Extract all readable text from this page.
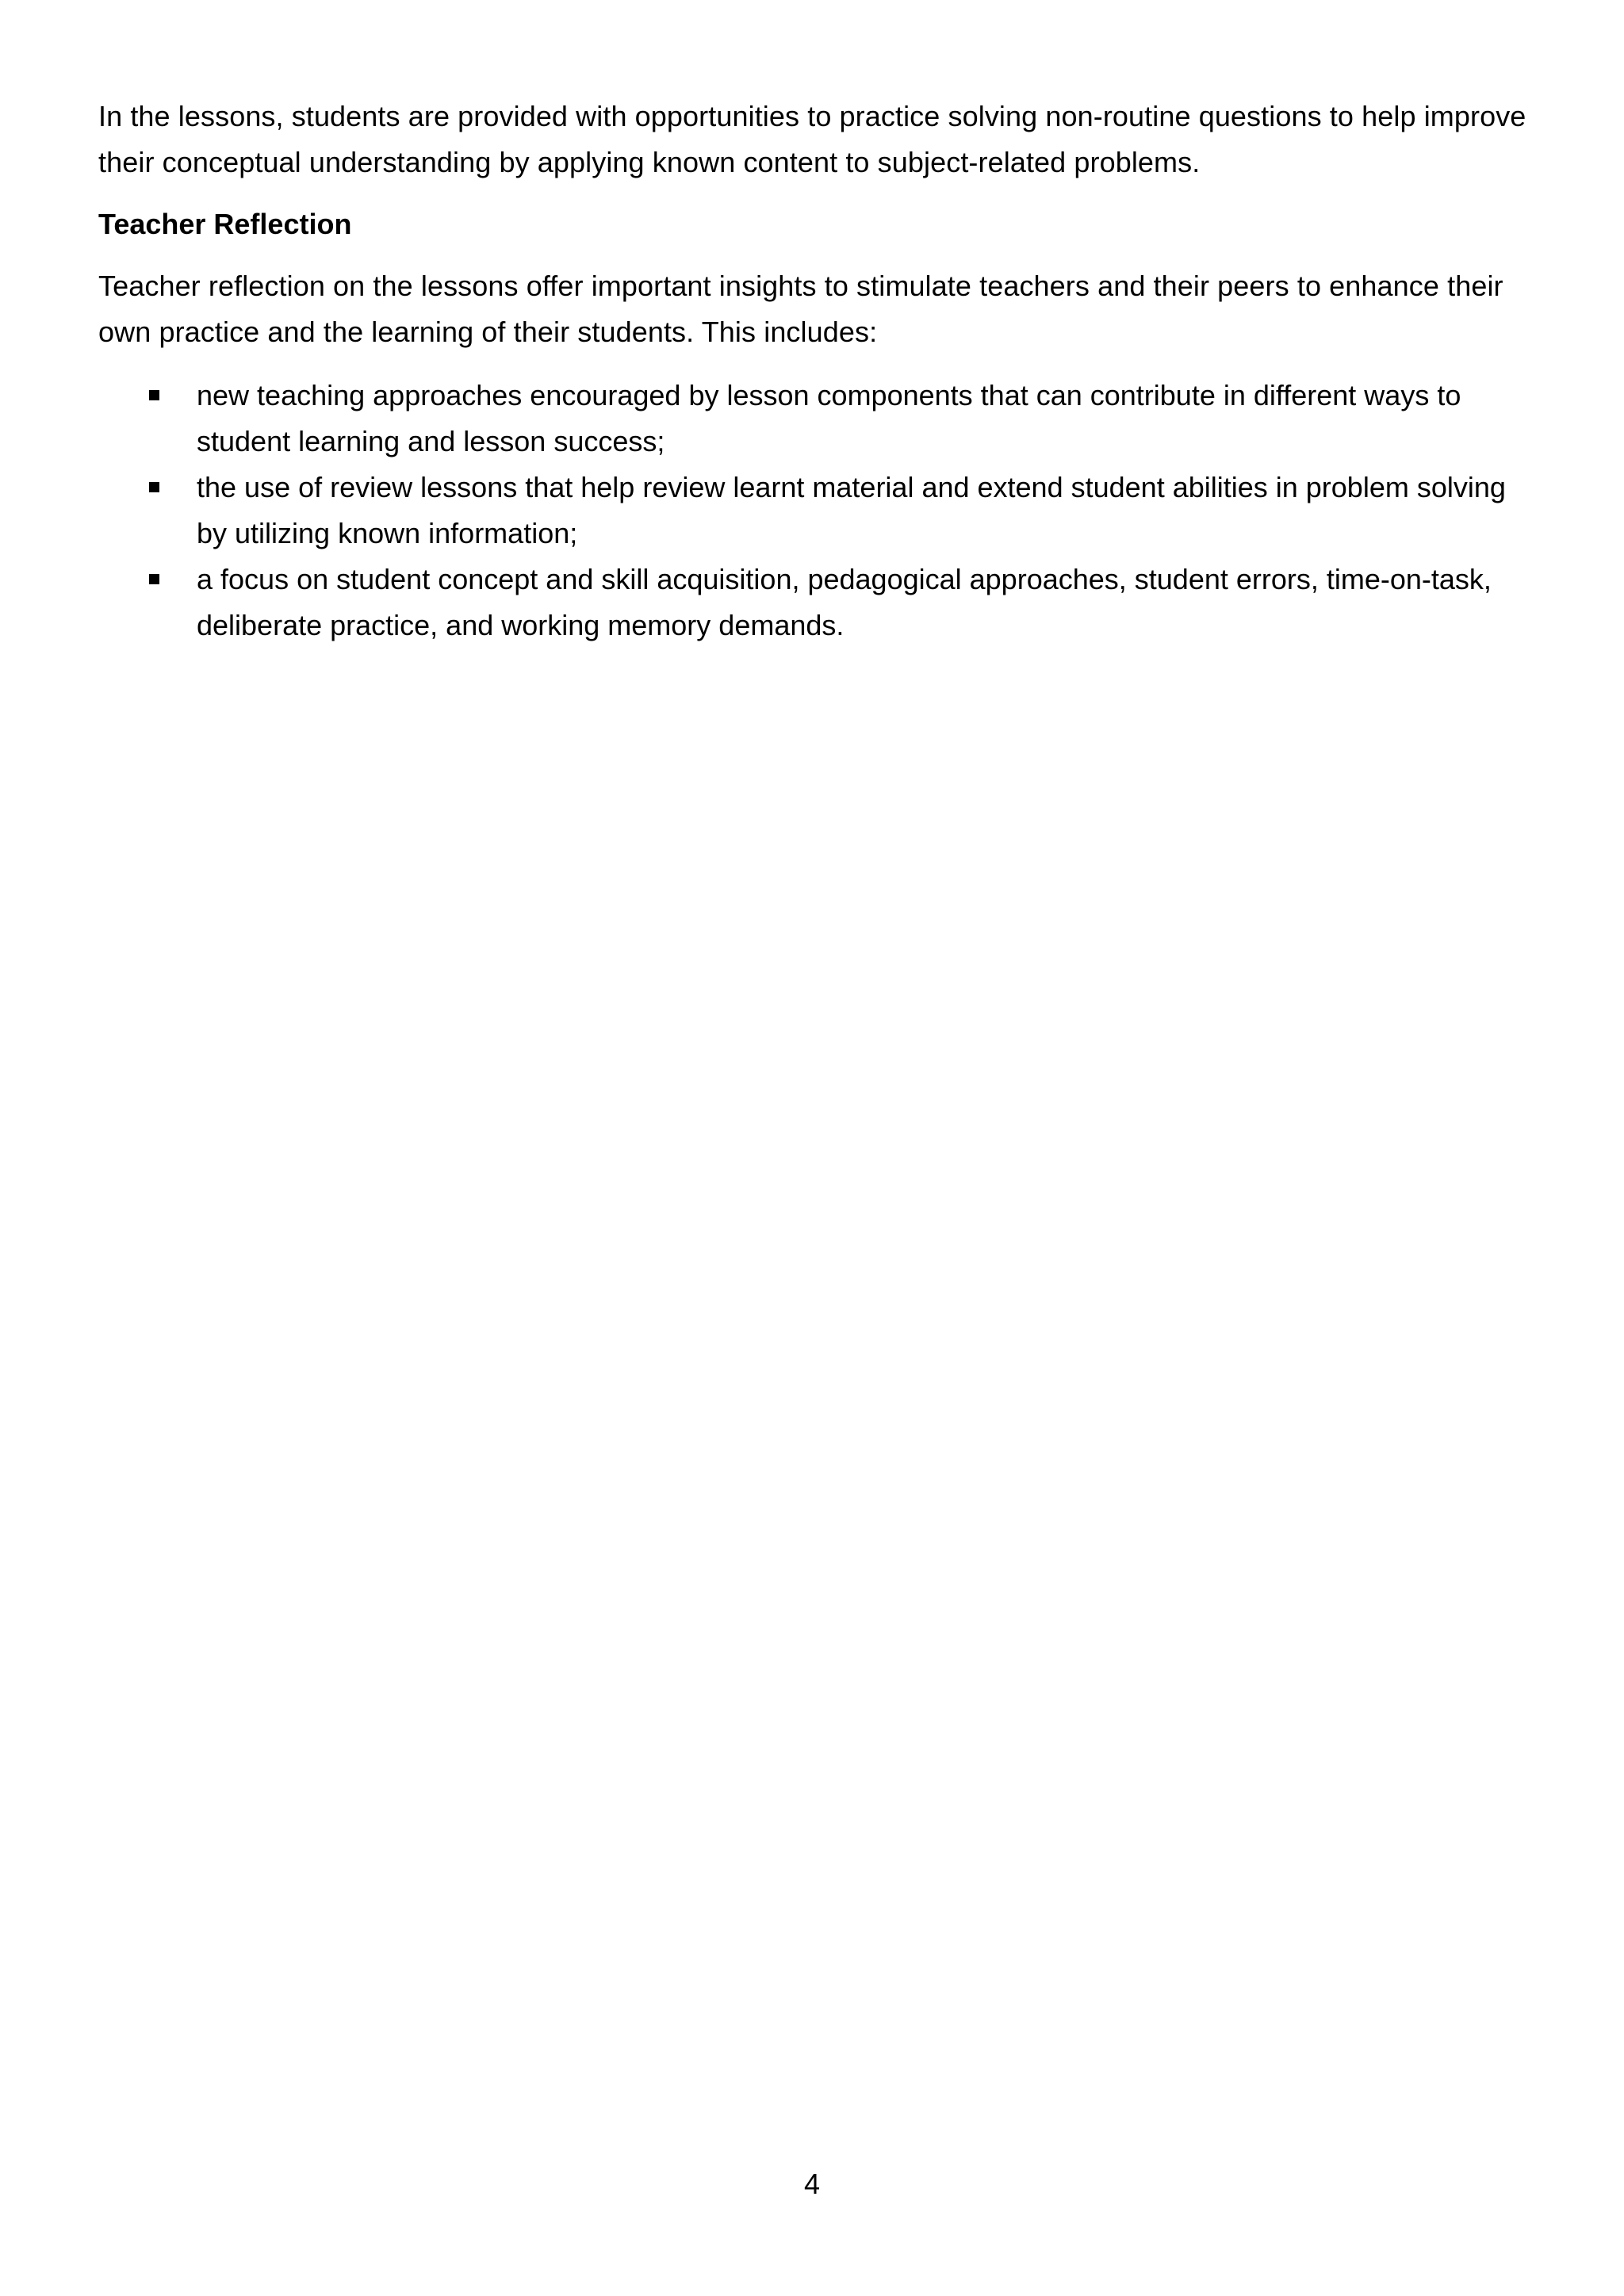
In the lessons, students are provided with opportunities to practice solving non-routine questions to help improve their conceptual understanding by applying known content to subject-related problems.

Teacher Reflection

Teacher reflection on the lessons offer important insights to stimulate teachers and their peers to enhance their own practice and the learning of their students. This includes:

new teaching approaches encouraged by lesson components that can contribute in different ways to student learning and lesson success;
the use of review lessons that help review learnt material and extend student abilities in problem solving by utilizing known information;
a focus on student concept and skill acquisition, pedagogical approaches, student errors, time-on-task, deliberate practice, and working memory demands.
4
